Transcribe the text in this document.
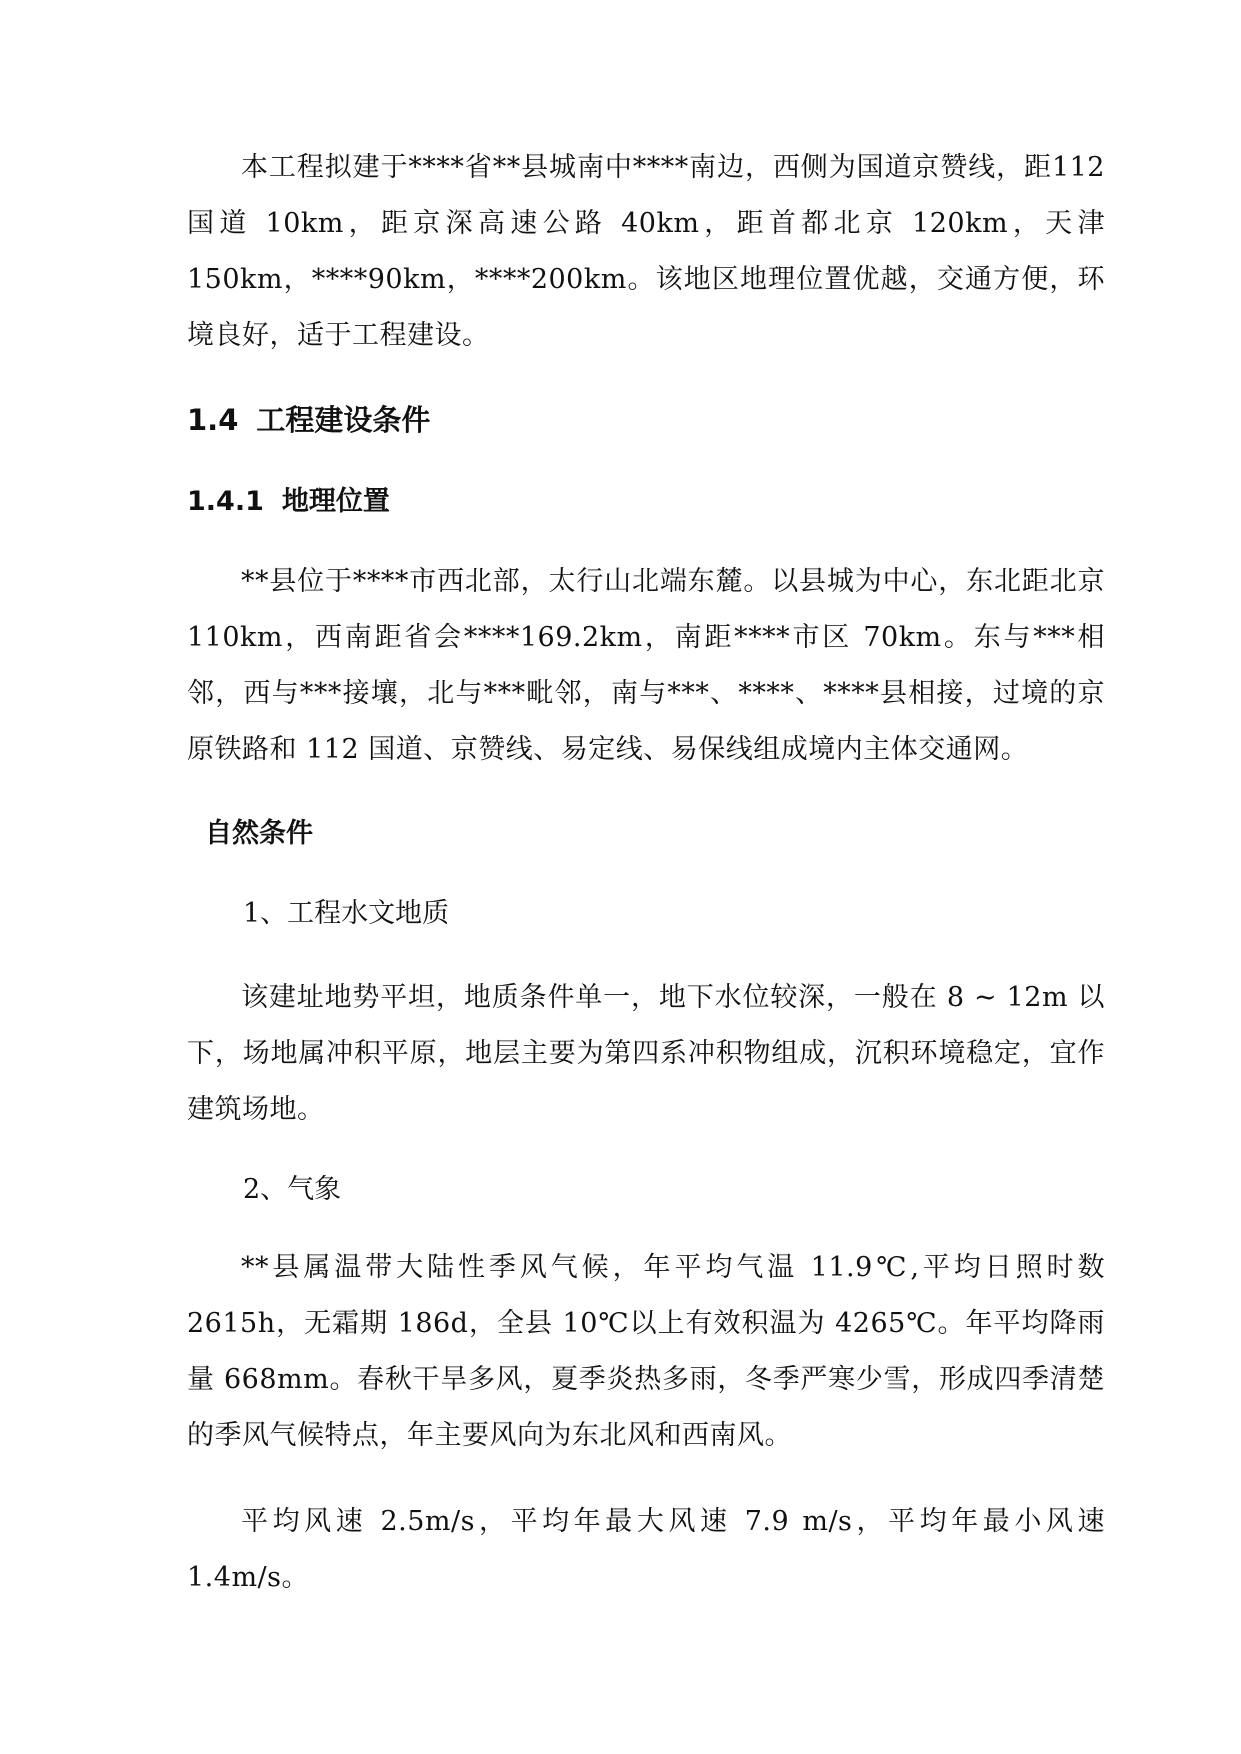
本工程拟建于****省**县城南中****南边，西侧为国道京赞线，距112 国道 10km，距京深高速公路 40km，距首都北京 120km，天津150km，****90km，****200km。该地区地理位置优越，交通方便，环境良好，适于工程建设。

1.4 工程建设条件
1.4.1 地理位置

**县位于****市西北部，太行山北端东麓。以县城为中心，东北距北京 110km，西南距省会****169.2km，南距****市区 70km。东与***相邻，西与***接壤，北与***毗邻，南与***、****、****县相接，过境的京原铁路和 112 国道、京赞线、易定线、易保线组成境内主体交通网。

自然条件

1、工程水文地质

该建址地势平坦，地质条件单一，地下水位较深，一般在 8 ~ 12m 以下，场地属冲积平原，地层主要为第四系冲积物组成，沉积环境稳定，宜作建筑场地。

2、气象

**县属温带大陆性季风气候，年平均气温 11.9℃,平均日照时数 2615h，无霜期 186d，全县 10℃以上有效积温为 4265℃。年平均降雨量 668mm。春秋干旱多风，夏季炎热多雨，冬季严寒少雪，形成四季清楚的季风气候特点，年主要风向为东北风和西南风。

平均风速 2.5m/s，平均年最大风速 7.9 m/s，平均年最小风速 1.4m/s。
